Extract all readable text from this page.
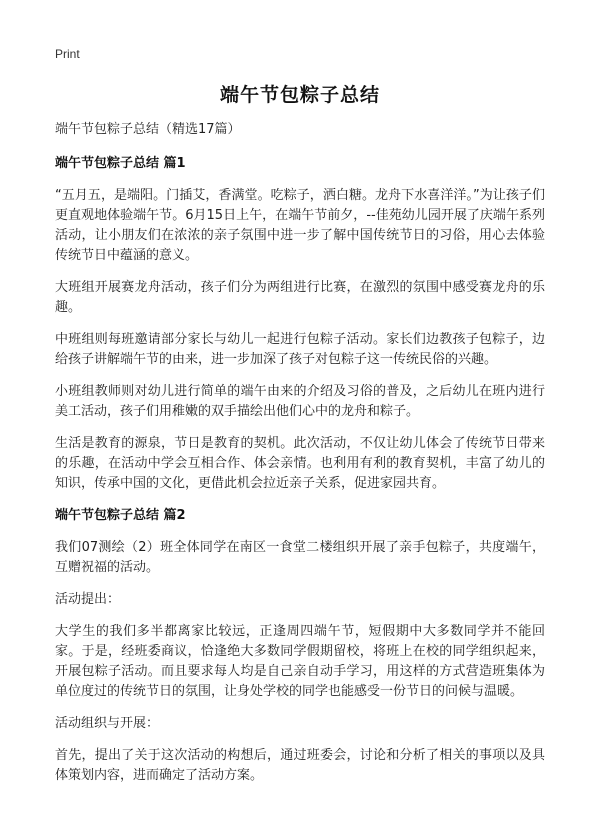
Print
端午节包粽子总结
端午节包粽子总结（精选17篇）
端午节包粽子总结 篇1

“五月五，是端阳。门插艾，香满堂。吃粽子，洒白糖。龙舟下水喜洋洋。”为让孩子们更直观地体验端午节。6月15日上午，在端午节前夕，--佳苑幼儿园开展了庆端午系列活动，让小朋友们在浓浓的亲子氛围中进一步了解中国传统节日的习俗，用心去体验传统节日中蕴涵的意义。

大班组开展赛龙舟活动，孩子们分为两组进行比赛，在激烈的氛围中感受赛龙舟的乐趣。

中班组则每班邀请部分家长与幼儿一起进行包粽子活动。家长们边教孩子包粽子，边给孩子讲解端午节的由来，进一步加深了孩子对包粽子这一传统民俗的兴趣。

小班组教师则对幼儿进行简单的端午由来的介绍及习俗的普及，之后幼儿在班内进行美工活动，孩子们用稚嫩的双手描绘出他们心中的龙舟和粽子。

生活是教育的源泉，节日是教育的契机。此次活动，不仅让幼儿体会了传统节日带来的乐趣，在活动中学会互相合作、体会亲情。也利用有利的教育契机，丰富了幼儿的知识，传承中国的文化，更借此机会拉近亲子关系，促进家园共育。

端午节包粽子总结 篇2

我们07测绘（2）班全体同学在南区一食堂二楼组织开展了亲手包粽子，共度端午，互赠祝福的活动。

活动提出：

大学生的我们多半都离家比较远，正逢周四端午节，短假期中大多数同学并不能回家。于是，经班委商议，恰逢绝大多数同学假期留校，将班上在校的同学组织起来，开展包粽子活动。而且要求每人均是自己亲自动手学习，用这样的方式营造班集体为单位度过的传统节日的氛围，让身处学校的同学也能感受一份节日的问候与温暖。

活动组织与开展：

首先，提出了关于这次活动的构想后，通过班委会，讨论和分析了相关的事项以及具体策划内容，进而确定了活动方案。
